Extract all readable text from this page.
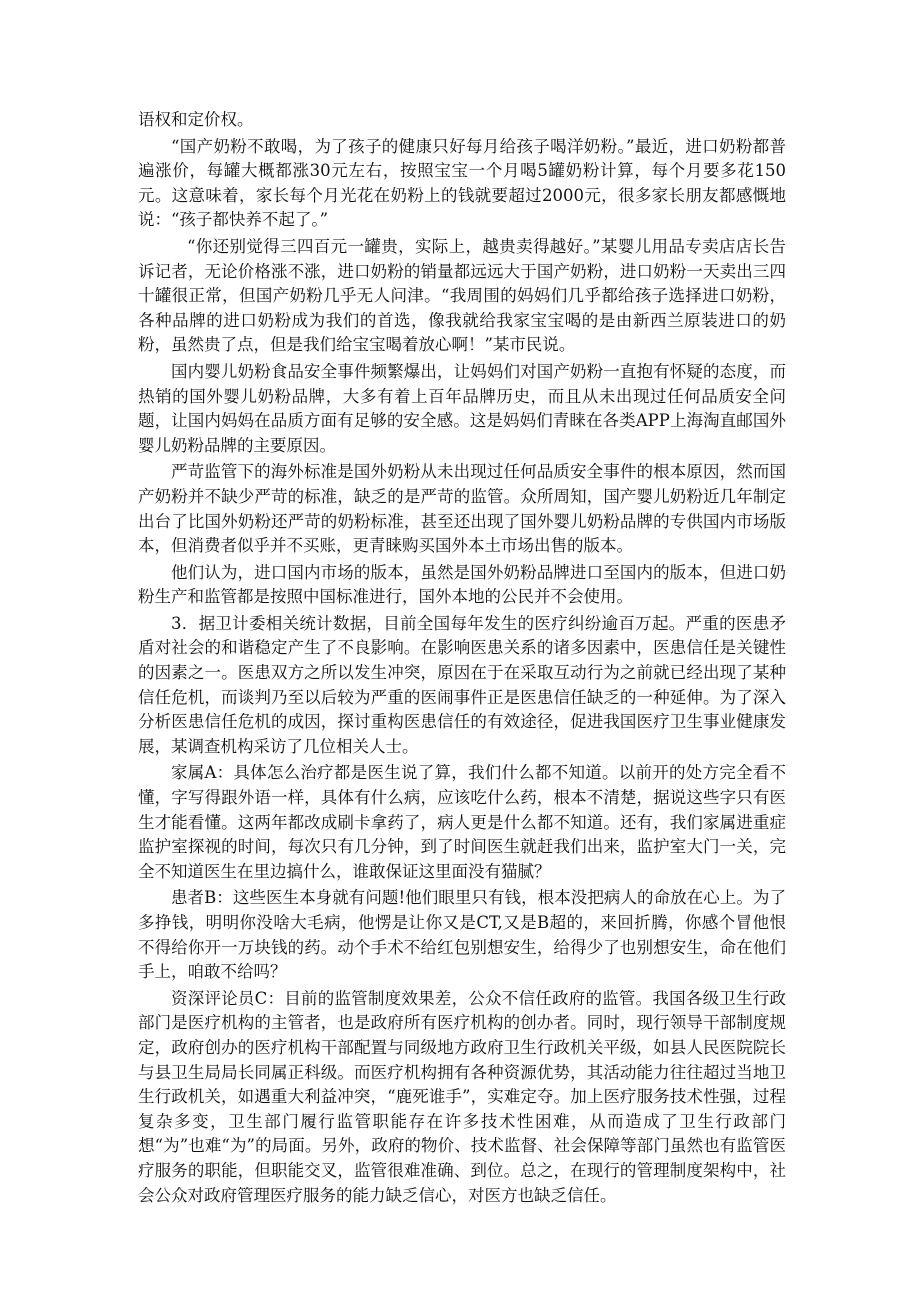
语权和定价权。

“国产奶粉不敢喝，为了孩子的健康只好每月给孩子喝洋奶粉。”最近，进口奶粉都普遍涨价，每罐大概都涨30元左右，按照宝宝一个月喝5罐奶粉计算，每个月要多花150元。这意味着，家长每个月光花在奶粉上的钱就要超过2000元，很多家长朋友都感慨地说：“孩子都快养不起了。”

“你还别觉得三四百元一罐贵，实际上，越贵卖得越好。”某婴儿用品专卖店店长告诉记者，无论价格涨不涨，进口奶粉的销量都远远大于国产奶粉，进口奶粉一天卖出三四十罐很正常，但国产奶粉几乎无人问津。“我周围的妈妈们几乎都给孩子选择进口奶粉，各种品牌的进口奶粉成为我们的首选，像我就给我家宝宝喝的是由新西兰原装进口的奶粉，虽然贵了点，但是我们给宝宝喝着放心啊！”某市民说。

国内婴儿奶粉食品安全事件频繁爆出，让妈妈们对国产奶粉一直抱有怀疑的态度，而热销的国外婴儿奶粉品牌，大多有着上百年品牌历史，而且从未出现过任何品质安全问题，让国内妈妈在品质方面有足够的安全感。这是妈妈们青睐在各类APP上海淘直邮国外婴儿奶粉品牌的主要原因。

严苛监管下的海外标准是国外奶粉从未出现过任何品质安全事件的根本原因，然而国产奶粉并不缺少严苛的标准，缺乏的是严苛的监管。众所周知，国产婴儿奶粉近几年制定出台了比国外奶粉还严苛的奶粉标准，甚至还出现了国外婴儿奶粉品牌的专供国内市场版本，但消费者似乎并不买账，更青睐购买国外本土市场出售的版本。

他们认为，进口国内市场的版本，虽然是国外奶粉品牌进口至国内的版本，但进口奶粉生产和监管都是按照中国标准进行，国外本地的公民并不会使用。

3．据卫计委相关统计数据，目前全国每年发生的医疗纠纷逾百万起。严重的医患矛盾对社会的和谐稳定产生了不良影响。在影响医患关系的诸多因素中，医患信任是关键性的因素之一。医患双方之所以发生冲突，原因在于在采取互动行为之前就已经出现了某种信任危机，而谈判乃至以后较为严重的医闹事件正是医患信任缺乏的一种延伸。为了深入分析医患信任危机的成因，探讨重构医患信任的有效途径，促进我国医疗卫生事业健康发展，某调查机构采访了几位相关人士。

家属A：具体怎么治疗都是医生说了算，我们什么都不知道。以前开的处方完全看不懂，字写得跟外语一样，具体有什么病，应该吃什么药，根本不清楚，据说这些字只有医生才能看懂。这两年都改成刷卡拿药了，病人更是什么都不知道。还有，我们家属进重症监护室探视的时间，每次只有几分钟，到了时间医生就赶我们出来，监护室大门一关，完全不知道医生在里边搞什么，谁敢保证这里面没有猫腻？

患者B：这些医生本身就有问题!他们眼里只有钱，根本没把病人的命放在心上。为了多挣钱，明明你没啥大毛病，他愣是让你又是CT,又是B超的，来回折腾，你感个冒他恨不得给你开一万块钱的药。动个手术不给红包别想安生，给得少了也别想安生，命在他们手上，咱敢不给吗？

资深评论员C：目前的监管制度效果差，公众不信任政府的监管。我国各级卫生行政部门是医疗机构的主管者，也是政府所有医疗机构的创办者。同时，现行领导干部制度规定，政府创办的医疗机构干部配置与同级地方政府卫生行政机关平级，如县人民医院院长与县卫生局局长同属正科级。而医疗机构拥有各种资源优势，其活动能力往往超过当地卫生行政机关，如遇重大利益冲突，“鹿死谁手”，实难定夺。加上医疗服务技术性强，过程复杂多变，卫生部门履行监管职能存在许多技术性困难，从而造成了卫生行政部门想“为”也难“为”的局面。另外，政府的物价、技术监督、社会保障等部门虽然也有监管医疗服务的职能，但职能交叉，监管很难准确、到位。总之，在现行的管理制度架构中，社会公众对政府管理医疗服务的能力缺乏信心，对医方也缺乏信任。
